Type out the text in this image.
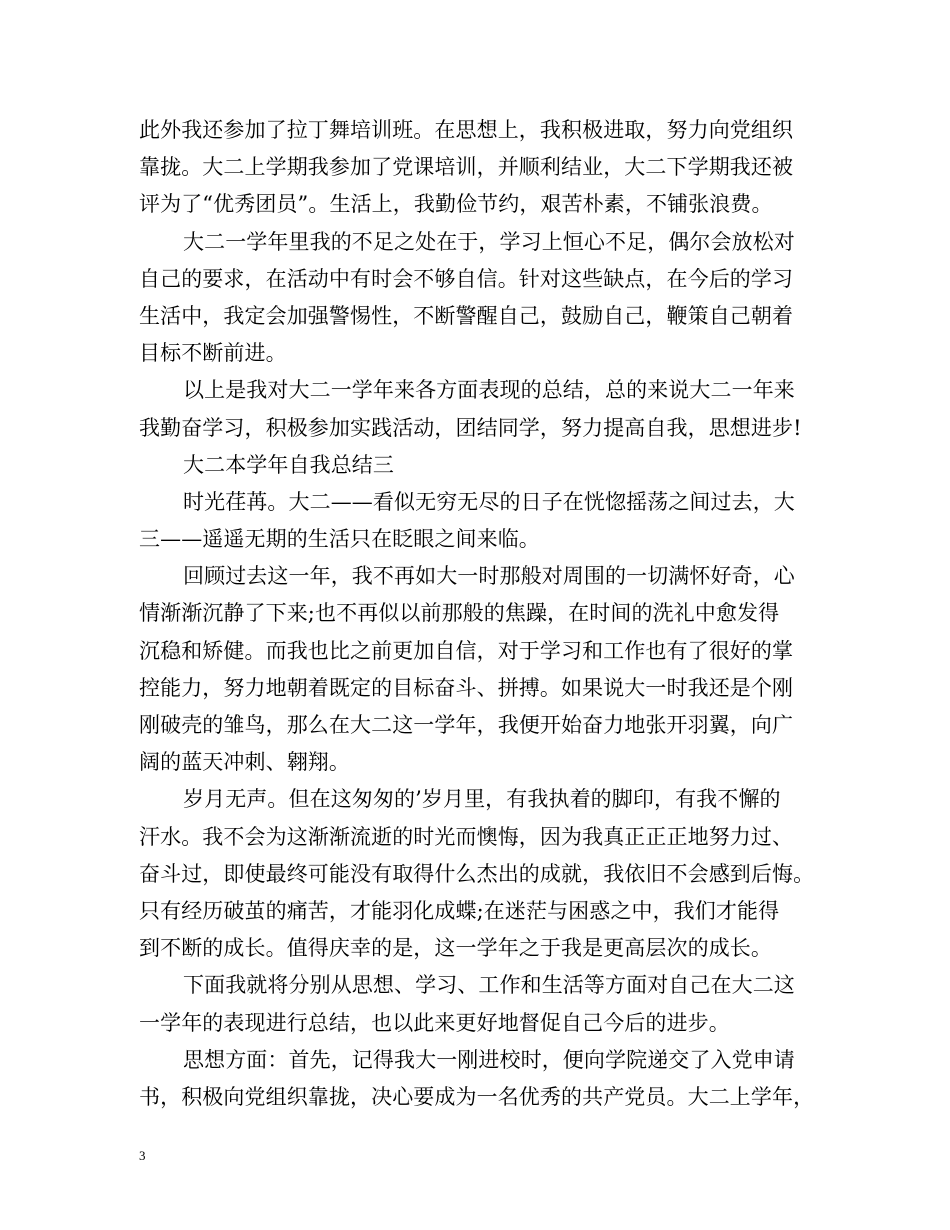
此外我还参加了拉丁舞培训班。在思想上，我积极进取，努力向党组织
靠拢。大二上学期我参加了党课培训，并顺利结业，大二下学期我还被
评为了“优秀团员”。生活上，我勤俭节约，艰苦朴素，不铺张浪费。
大二一学年里我的不足之处在于，学习上恒心不足，偶尔会放松对
自己的要求，在活动中有时会不够自信。针对这些缺点，在今后的学习
生活中，我定会加强警惕性，不断警醒自己，鼓励自己，鞭策自己朝着
目标不断前进。
以上是我对大二一学年来各方面表现的总结，总的来说大二一年来
我勤奋学习，积极参加实践活动，团结同学，努力提高自我，思想进步!
大二本学年自我总结三
时光荏苒。大二——看似无穷无尽的日子在恍惚摇荡之间过去，大
三——遥遥无期的生活只在眨眼之间来临。
回顾过去这一年，我不再如大一时那般对周围的一切满怀好奇，心
情渐渐沉静了下来;也不再似以前那般的焦躁，在时间的洗礼中愈发得
沉稳和矫健。而我也比之前更加自信，对于学习和工作也有了很好的掌
控能力，努力地朝着既定的目标奋斗、拼搏。如果说大一时我还是个刚
刚破壳的雏鸟，那么在大二这一学年，我便开始奋力地张开羽翼，向广
阔的蓝天冲刺、翱翔。
岁月无声。但在这匆匆的’岁月里，有我执着的脚印，有我不懈的
汗水。我不会为这渐渐流逝的时光而懊悔，因为我真正正正地努力过、
奋斗过，即使最终可能没有取得什么杰出的成就，我依旧不会感到后悔。
只有经历破茧的痛苦，才能羽化成蝶;在迷茫与困惑之中，我们才能得
到不断的成长。值得庆幸的是，这一学年之于我是更高层次的成长。
下面我就将分别从思想、学习、工作和生活等方面对自己在大二这
一学年的表现进行总结，也以此来更好地督促自己今后的进步。
思想方面：首先，记得我大一刚进校时，便向学院递交了入党申请
书，积极向党组织靠拢，决心要成为一名优秀的共产党员。大二上学年，
3
